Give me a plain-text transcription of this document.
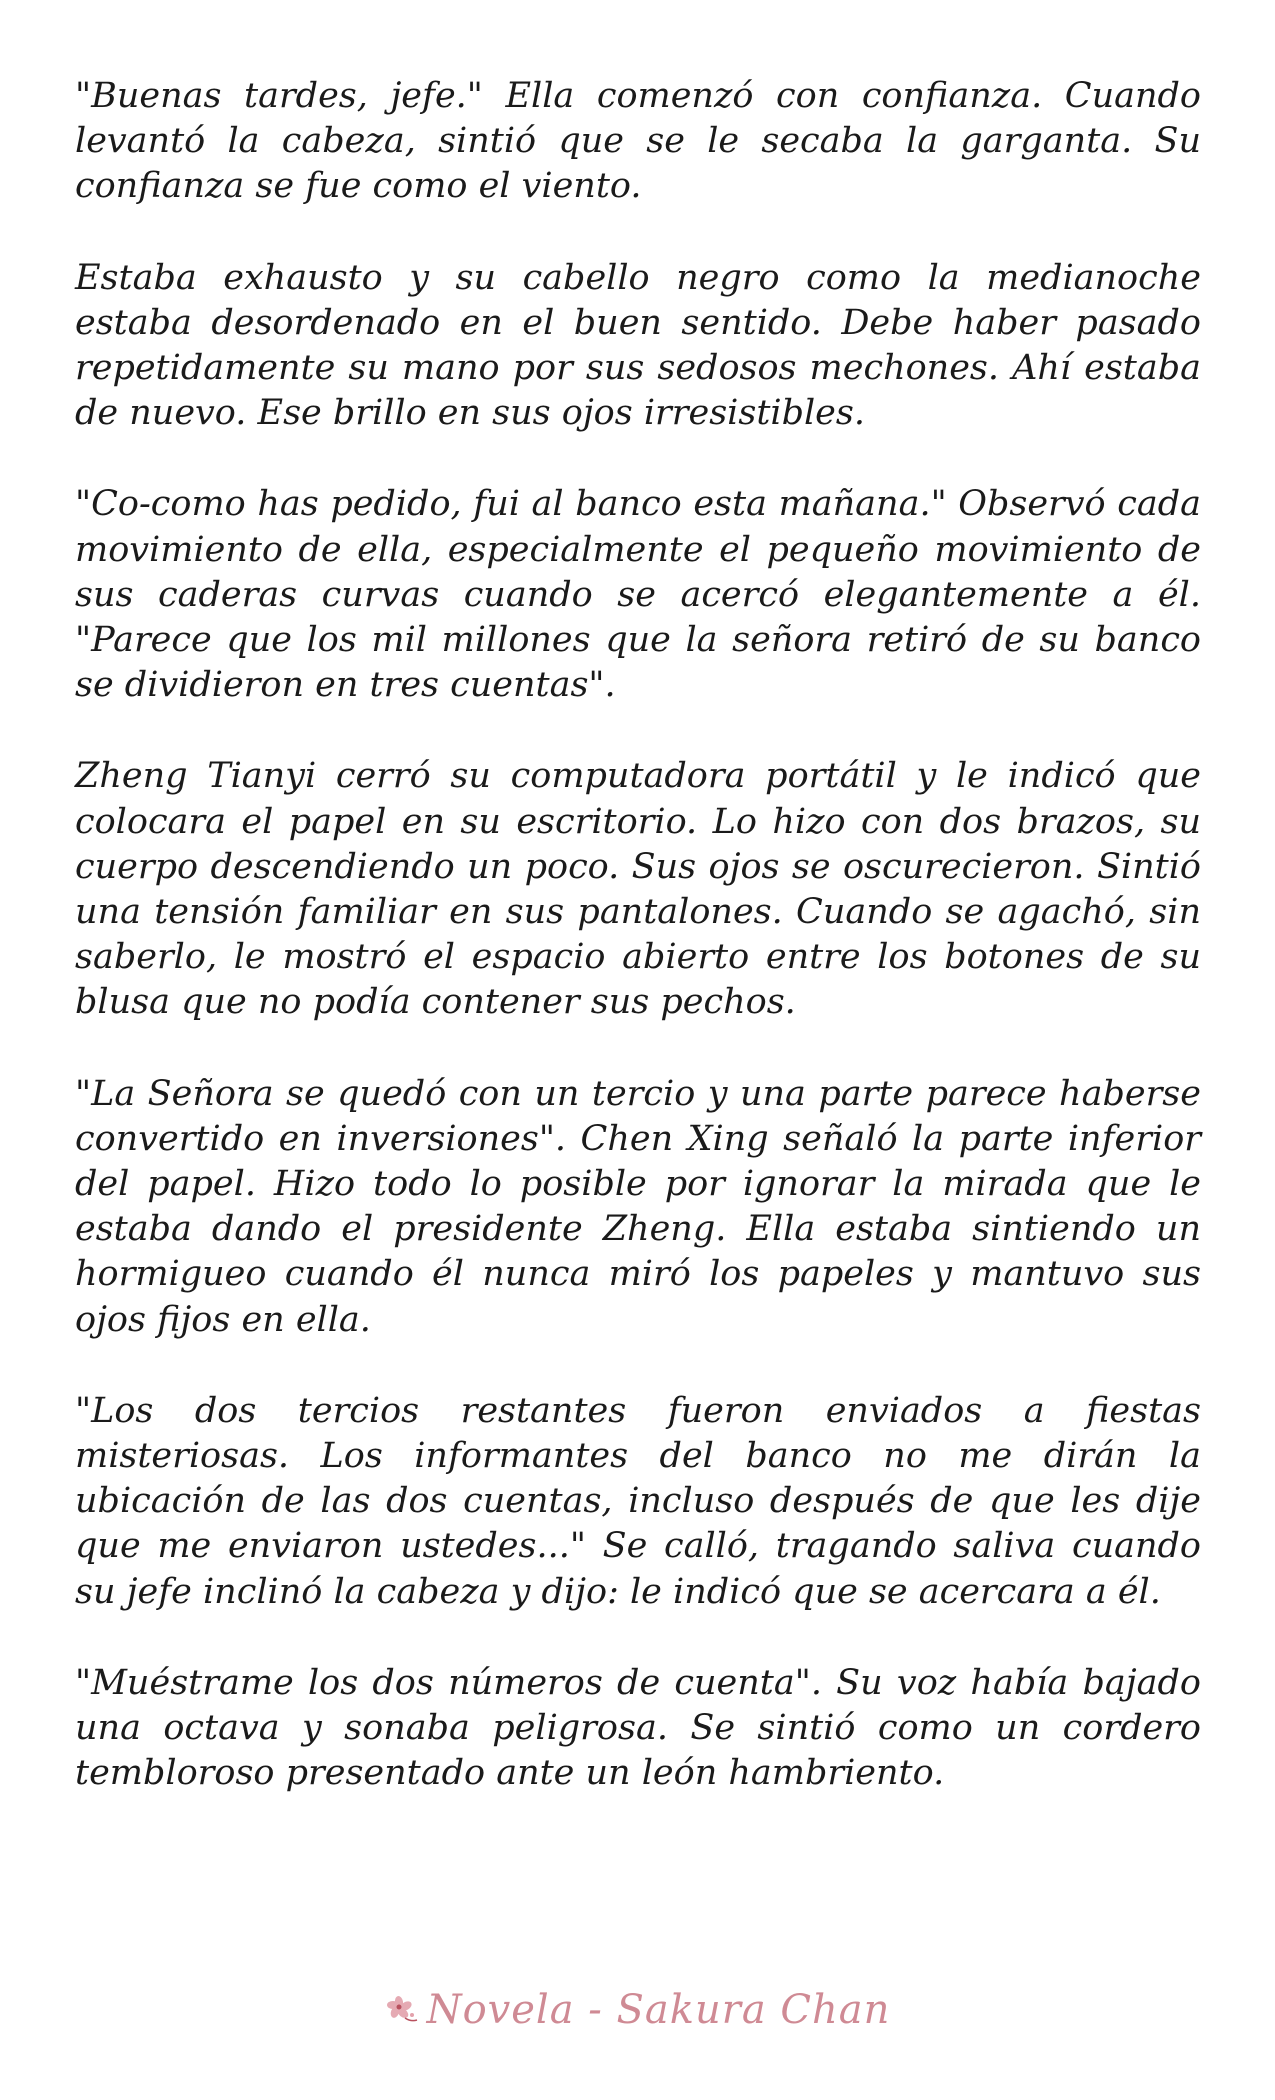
"Buenas tardes, jefe." Ella comenzó con confianza. Cuando levantó la cabeza, sintió que se le secaba la garganta. Su confianza se fue como el viento.

Estaba exhausto y su cabello negro como la medianoche estaba desordenado en el buen sentido. Debe haber pasado repetidamente su mano por sus sedosos mechones. Ahí estaba de nuevo. Ese brillo en sus ojos irresistibles.

"Co-como has pedido, fui al banco esta mañana." Observó cada movimiento de ella, especialmente el pequeño movimiento de sus caderas curvas cuando se acercó elegantemente a él. "Parece que los mil millones que la señora retiró de su banco se dividieron en tres cuentas".

Zheng Tianyi cerró su computadora portátil y le indicó que colocara el papel en su escritorio. Lo hizo con dos brazos, su cuerpo descendiendo un poco. Sus ojos se oscurecieron. Sintió una tensión familiar en sus pantalones. Cuando se agachó, sin saberlo, le mostró el espacio abierto entre los botones de su blusa que no podía contener sus pechos.

"La Señora se quedó con un tercio y una parte parece haberse convertido en inversiones". Chen Xing señaló la parte inferior del papel. Hizo todo lo posible por ignorar la mirada que le estaba dando el presidente Zheng. Ella estaba sintiendo un hormigueo cuando él nunca miró los papeles y mantuvo sus ojos fijos en ella.

"Los dos tercios restantes fueron enviados a fiestas misteriosas. Los informantes del banco no me dirán la ubicación de las dos cuentas, incluso después de que les dije que me enviaron ustedes..." Se calló, tragando saliva cuando su jefe inclinó la cabeza y dijo: le indicó que se acercara a él.

"Muéstrame los dos números de cuenta". Su voz había bajado una octava y sonaba peligrosa. Se sintió como un cordero tembloroso presentado ante un león hambriento.

Novela - Sakura Chan
